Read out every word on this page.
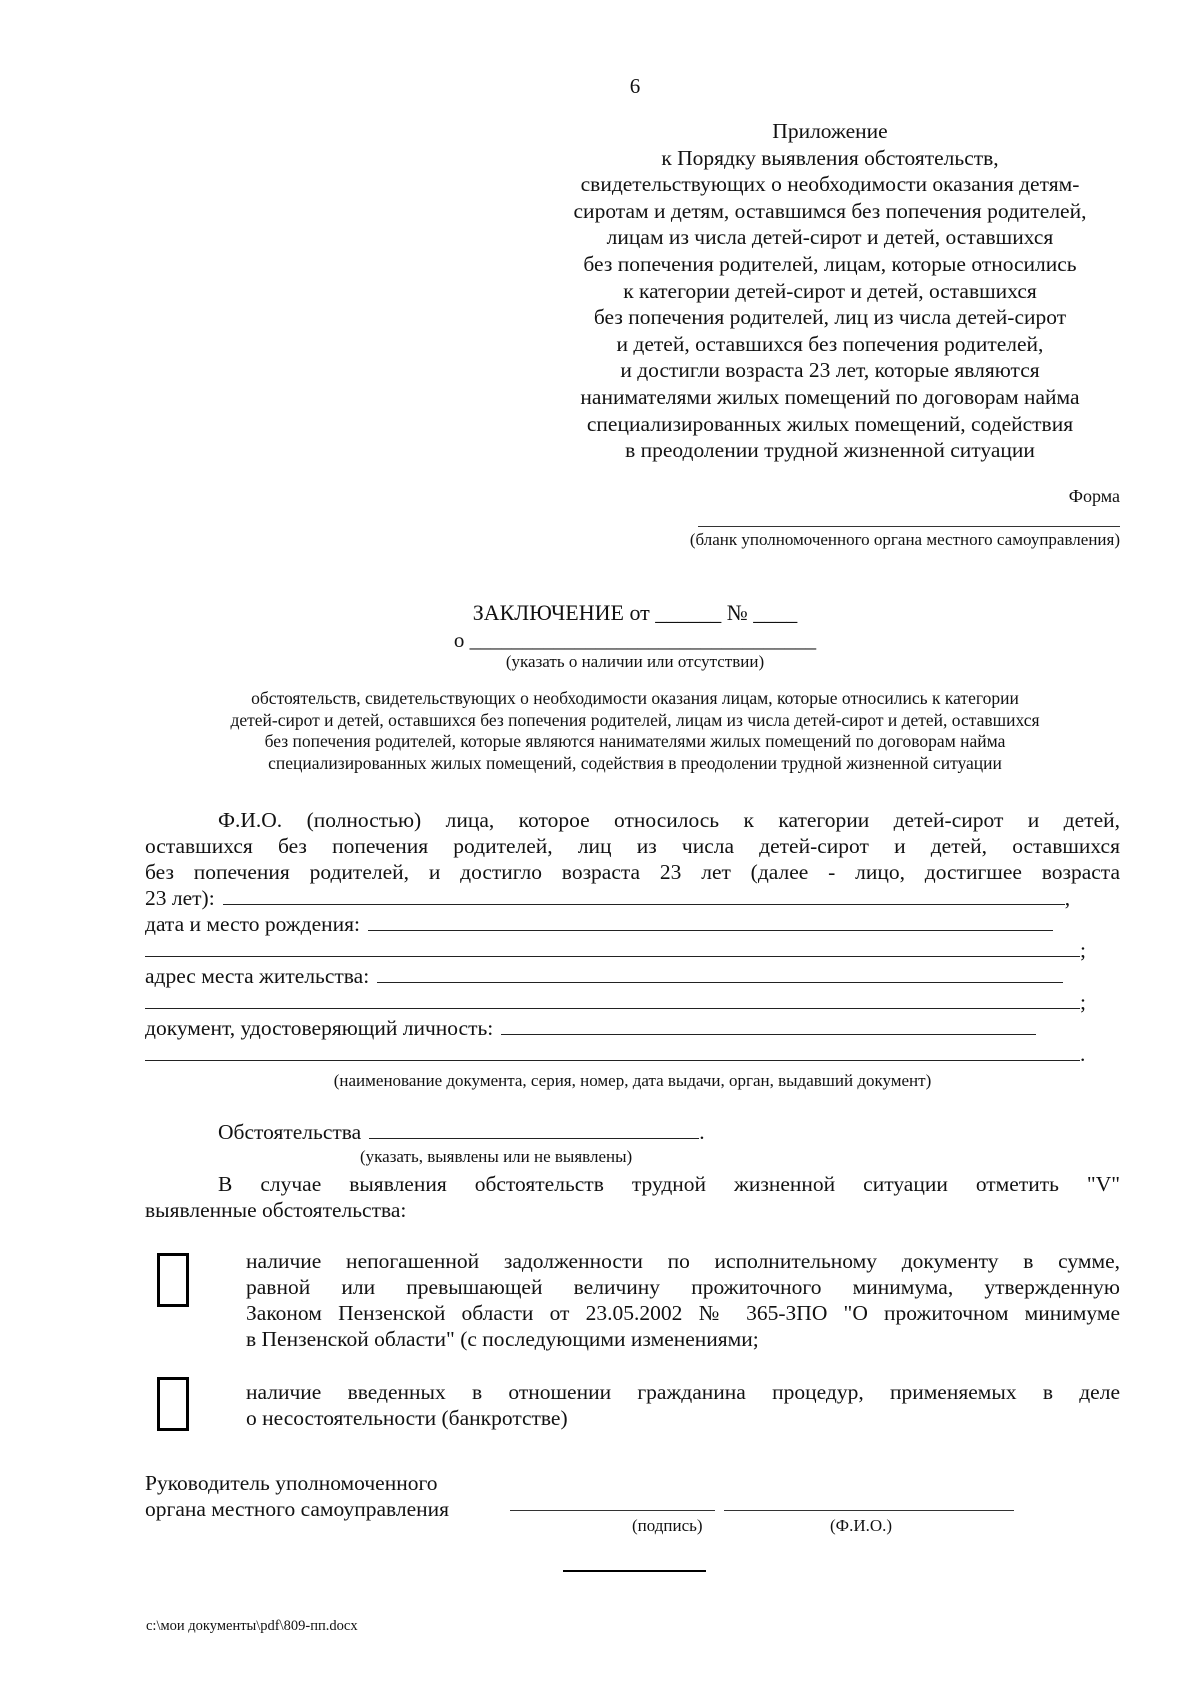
6
Приложение
к Порядку выявления обстоятельств,
свидетельствующих о необходимости оказания детям-
сиротам и детям, оставшимся без попечения родителей,
лицам из числа детей-сирот и детей, оставшихся
без попечения родителей, лицам, которые относились
к категории детей-сирот и детей, оставшихся
без попечения родителей, лиц из числа детей-сирот
и детей, оставшихся без попечения родителей,
и достигли возраста 23 лет, которые являются
нанимателями жилых помещений по договорам найма
специализированных жилых помещений, содействия
в преодолении трудной жизненной ситуации
Форма
(бланк уполномоченного органа местного самоуправления)
ЗАКЛЮЧЕНИЕ от ______ № ____
о _________________________________
(указать о наличии или отсутствии)
обстоятельств, свидетельствующих о необходимости оказания лицам, которые относились к категории
детей-сирот и детей, оставшихся без попечения родителей, лицам из числа детей-сирот и детей, оставшихся
без попечения родителей, которые являются нанимателями жилых помещений по договорам найма
специализированных жилых помещений, содействия в преодолении трудной жизненной ситуации
Ф.И.О. (полностью) лица, которое относилось к категории детей-сирот и детей,
оставшихся без попечения родителей, лиц из числа детей-сирот и детей, оставшихся
без попечения родителей, и достигло возраста 23 лет (далее - лицо, достигшее возраста
23 лет):	,
дата и место рождения:
;
адрес места жительства:
;
документ, удостоверяющий личность:
.
(наименование документа, серия, номер, дата выдачи, орган, выдавший документ)
Обстоятельства	.
(указать, выявлены или не выявлены)
В случае выявления обстоятельств трудной жизненной ситуации отметить "V"
выявленные обстоятельства:
наличие непогашенной задолженности по исполнительному документу в сумме,
равной или превышающей величину прожиточного минимума, утвержденную
Законом Пензенской области от 23.05.2002 № 365-ЗПО "О прожиточном минимуме
в Пензенской области" (с последующими изменениями;
наличие введенных в отношении гражданина процедур, применяемых в деле
о несостоятельности (банкротстве)
Руководитель уполномоченного
органа местного самоуправления
(подпись)	(Ф.И.О.)
c:\мои документы\pdf\809-пп.docx
